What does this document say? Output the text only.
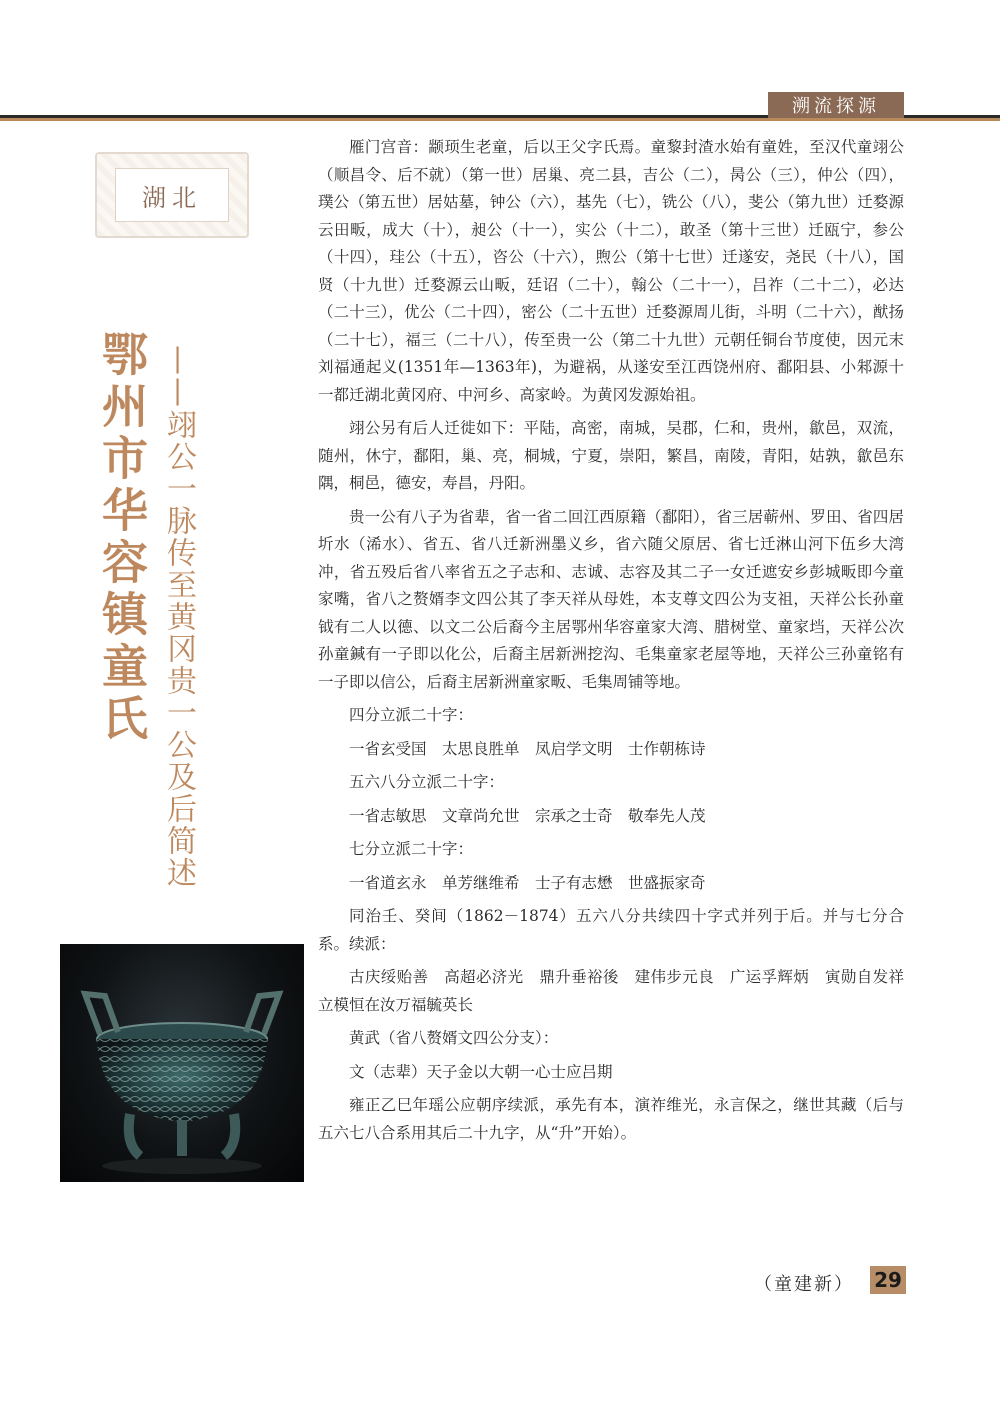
溯流探源
湖北
鄂州市华容镇童氏 ——翊公一脉传至黄冈贵一公及后简述

雁门宫音：颛顼生老童，后以王父字氏焉。童黎封渣水始有童姓，至汉代童翊公（顺昌令、后不就）（第一世）居巢、亮二县，吉公（二），昺公（三），仲公（四），璞公（第五世）居姑墓，钟公（六），基先（七），铣公（八），斐公（第九世）迁婺源云田畈，成大（十），昶公（十一），实公（十二），敢圣（第十三世）迁瓯宁，参公（十四），珪公（十五），咨公（十六），煦公（第十七世）迁遂安，尧民（十八），国贤（十九世）迁婺源云山畈，廷诏（二十），翰公（二十一），吕祚（二十二），必达（二十三），优公（二十四），密公（二十五世）迁婺源周儿街，斗明（二十六），猷扬（二十七），福三（二十八），传至贵一公（第二十九世）元朝任铜台节度使，因元末刘福通起义(1351年—1363年)，为避祸，从遂安至江西饶州府、鄱阳县、小邾源十一都迁湖北黄冈府、中河乡、高家岭。为黄冈发源始祖。

翊公另有后人迁徙如下：平陆，高密，南城，吴郡，仁和，贵州，歙邑，双流，随州，休宁，鄱阳，巢、亮，桐城，宁夏，崇阳，繁昌，南陵，青阳，姑孰，歙邑东隅，桐邑，德安，寿昌，丹阳。

贵一公有八子为省辈，省一省二回江西原籍（鄱阳），省三居蕲州、罗田、省四居圻水（浠水）、省五、省八迁新洲墨义乡，省六随父原居、省七迁淋山河下伍乡大湾冲，省五殁后省八率省五之子志和、志诚、志容及其二子一女迁遮安乡彭城畈即今童家嘴，省八之赘婿李文四公其了李天祥从母姓，本支尊文四公为支祖，天祥公长孙童钺有二人以德、以文二公后裔今主居鄂州华容童家大湾、腊树堂、童家垱，天祥公次孙童鍼有一子即以化公，后裔主居新洲挖沟、毛集童家老屋等地，天祥公三孙童铭有一子即以信公，后裔主居新洲童家畈、毛集周铺等地。

四分立派二十字：

一省玄受国　太思良胜单　凤启学文明　士作朝栋诗

五六八分立派二十字：

一省志敏思　文章尚允世　宗承之士奇　敬奉先人茂

七分立派二十字：

一省道玄永　单芳继维希　士子有志懋　世盛振家奇

同治壬、癸间（1862－1874）五六八分共续四十字式并列于后。并与七分合系。续派：

古庆绥贻善　高超必济光　鼎升垂裕後　建伟步元良　广运孚辉炳　寅勋自发祥　立模恒在汝万福毓英长

黄武（省八赘婿文四公分支）：

文（志辈）天子金以大朝一心士应吕期

雍正乙巳年瑶公应朝序续派，承先有本，演祚维光，永言保之，继世其藏（后与五六七八合系用其后二十九字，从“升”开始）。

（童建新） 29
